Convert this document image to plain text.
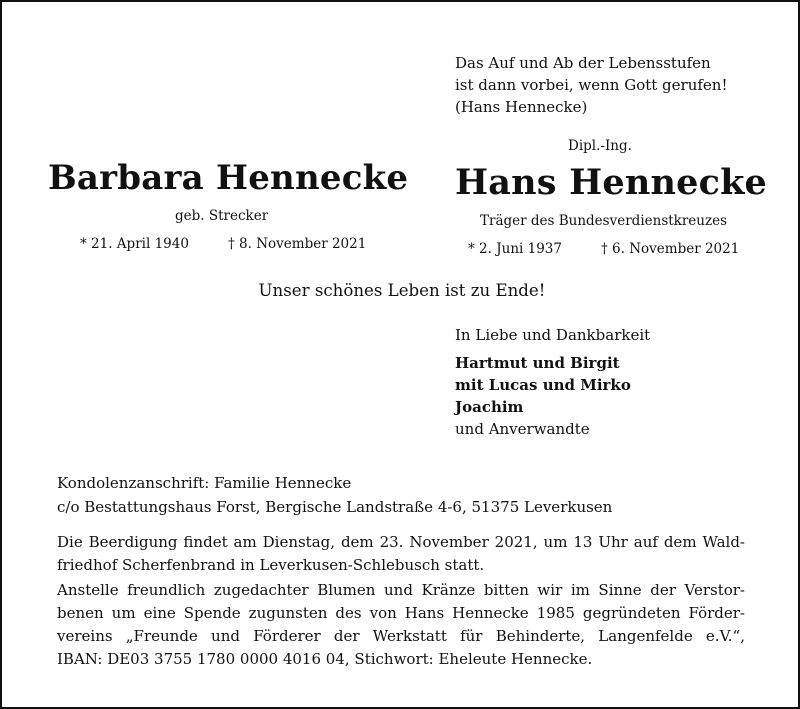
Das Auf und Ab der Lebensstufen
ist dann vorbei, wenn Gott gerufen!
(Hans Hennecke)
Barbara Hennecke
geb. Strecker
* 21. April 1940	† 8. November 2021
Dipl.-Ing.
Hans Hennecke
Träger des Bundesverdienstkreuzes
* 2. Juni 1937	† 6. November 2021
Unser schönes Leben ist zu Ende!
In Liebe und Dankbarkeit
Hartmut und Birgit
mit Lucas und Mirko
Joachim
und Anverwandte
Kondolenzanschrift: Familie Hennecke
c/o Bestattungshaus Forst, Bergische Landstraße 4-6, 51375 Leverkusen
Die Beerdigung findet am Dienstag, dem 23. November 2021, um 13 Uhr auf dem Wald-
friedhof Scherfenbrand in Leverkusen-Schlebusch statt.
Anstelle freundlich zugedachter Blumen und Kränze bitten wir im Sinne der Verstor-
benen um eine Spende zugunsten des von Hans Hennecke 1985 gegründeten Förder-
vereins „Freunde und Förderer der Werkstatt für Behinderte, Langenfelde e.V.“,
IBAN: DE03 3755 1780 0000 4016 04, Stichwort: Eheleute Hennecke.
